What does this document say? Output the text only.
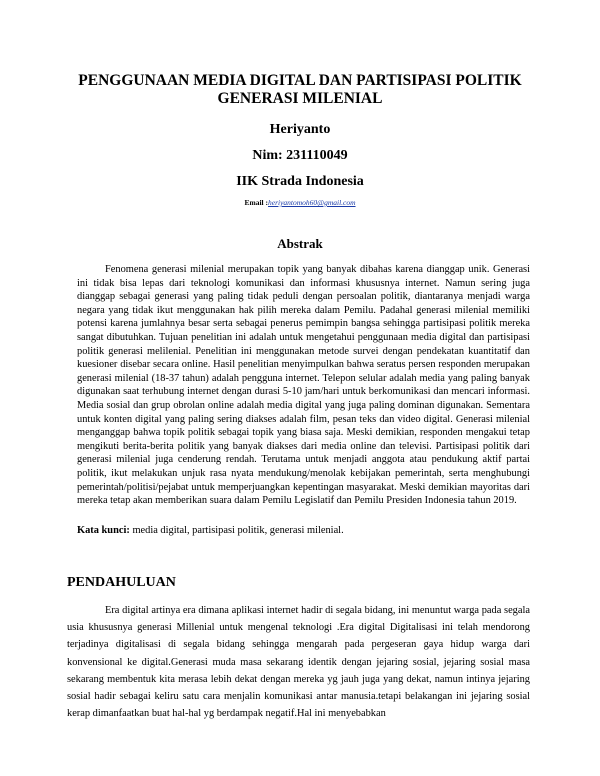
PENGGUNAAN MEDIA DIGITAL DAN PARTISIPASI POLITIK
GENERASI MILENIAL
Heriyanto
Nim: 231110049
IIK Strada Indonesia
Email :heriyantomoh60@gmail.com
Abstrak

Fenomena generasi milenial merupakan topik yang banyak dibahas karena dianggap unik. Generasi ini tidak bisa lepas dari teknologi komunikasi dan informasi khususnya internet. Namun sering juga dianggap sebagai generasi yang paling tidak peduli dengan persoalan politik, diantaranya menjadi warga negara yang tidak ikut menggunakan hak pilih mereka dalam Pemilu. Padahal generasi milenial memiliki potensi karena jumlahnya besar serta sebagai penerus pemimpin bangsa sehingga partisipasi politik mereka sangat dibutuhkan. Tujuan penelitian ini adalah untuk mengetahui penggunaan media digital dan partisipasi politik generasi melilenial. Penelitian ini menggunakan metode survei dengan pendekatan kuantitatif dan kuesioner disebar secara online. Hasil penelitian menyimpulkan bahwa seratus persen responden merupakan generasi milenial (18-37 tahun) adalah pengguna internet. Telepon selular adalah media yang paling banyak digunakan saat terhubung internet dengan durasi 5-10 jam/hari untuk berkomunikasi dan mencari informasi. Media sosial dan grup obrolan online adalah media digital yang juga paling dominan digunakan. Sementara untuk konten digital yang paling sering diakses adalah film, pesan teks dan video digital. Generasi milenial menganggap bahwa topik politik sebagai topik yang biasa saja. Meski demikian, responden mengakui tetap mengikuti berita-berita politik yang banyak diakses dari media online dan televisi. Partisipasi politik dari generasi milenial juga cenderung rendah. Terutama untuk menjadi anggota atau pendukung aktif partai politik, ikut melakukan unjuk rasa nyata mendukung/menolak kebijakan pemerintah, serta menghubungi pemerintah/politisi/pejabat untuk memperjuangkan kepentingan masyarakat. Meski demikian mayoritas dari mereka tetap akan memberikan suara dalam Pemilu Legislatif dan Pemilu Presiden Indonesia tahun 2019.

Kata kunci: media digital, partisipasi politik, generasi milenial.
PENDAHULUAN

Era digital artinya era dimana aplikasi internet hadir di segala bidang, ini menuntut warga pada segala usia khususnya generasi Millenial untuk mengenal teknologi .Era digital Digitalisasi ini telah mendorong terjadinya digitalisasi di segala bidang sehingga mengarah pada pergeseran gaya hidup warga dari konvensional ke digital.Generasi muda masa sekarang identik dengan jejaring sosial, jejaring sosial masa sekarang membentuk kita merasa lebih dekat dengan mereka yg jauh juga yang dekat, namun intinya jejaring sosial hadir sebagai keliru satu cara menjalin komunikasi antar manusia.tetapi belakangan ini jejaring sosial kerap dimanfaatkan buat hal-hal yg berdampak negatif.Hal ini menyebabkan
